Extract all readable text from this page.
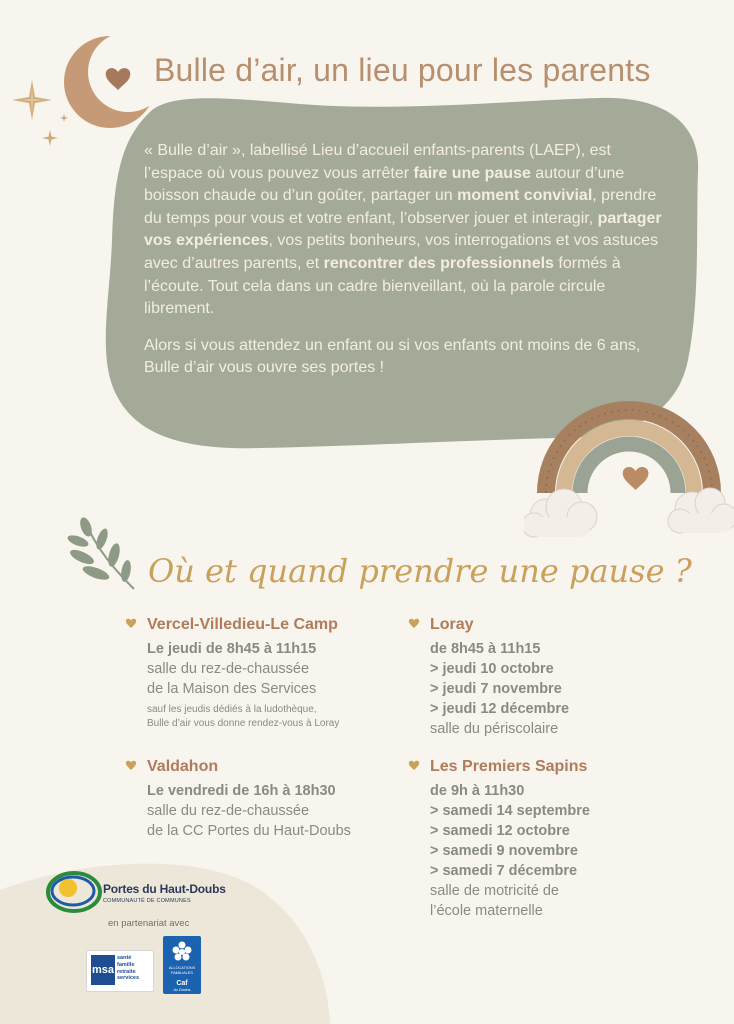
Bulle d’air, un lieu pour les parents

« Bulle d’air », labellisé Lieu d’accueil enfants-parents (LAEP), est l’espace où vous pouvez vous arrêter faire une pause autour d’une boisson chaude ou d’un goûter, partager un moment convivial, prendre du temps pour vous et votre enfant, l’observer jouer et interagir, partager vos expériences, vos petits bonheurs, vos interrogations et vos astuces avec d’autres parents, et rencontrer des professionnels formés à l’écoute. Tout cela dans un cadre bienveillant, où la parole circule librement.

Alors si vous attendez un enfant ou si vos enfants ont moins de 6 ans, Bulle d’air vous ouvre ses portes !

Où et quand prendre une pause ?
Vercel-Villedieu-Le Camp
Le jeudi de 8h45 à 11h15
salle du rez-de-chaussée
de la Maison des Services
sauf les jeudis dédiés à la ludothèque,
Bulle d’air vous donne rendez-vous à Loray
Valdahon
Le vendredi de 16h à 18h30
salle du rez-de-chaussée
de la CC Portes du Haut-Doubs
Loray
de 8h45 à 11h15
> jeudi 10 octobre
> jeudi 7 novembre
> jeudi 12 décembre
salle du périscolaire
Les Premiers Sapins
de 9h à 11h30
> samedi 14 septembre
> samedi 12 octobre
> samedi 9 novembre
> samedi 7 décembre
salle de motricité de
l’école maternelle
Portes du Haut-Doubs
COMMUNAUTÉ DE COMMUNES
en partenariat avec
msa
santé
famille
retraite
services
ALLOCATIONS FAMILIALES
Caf
du Doubs
